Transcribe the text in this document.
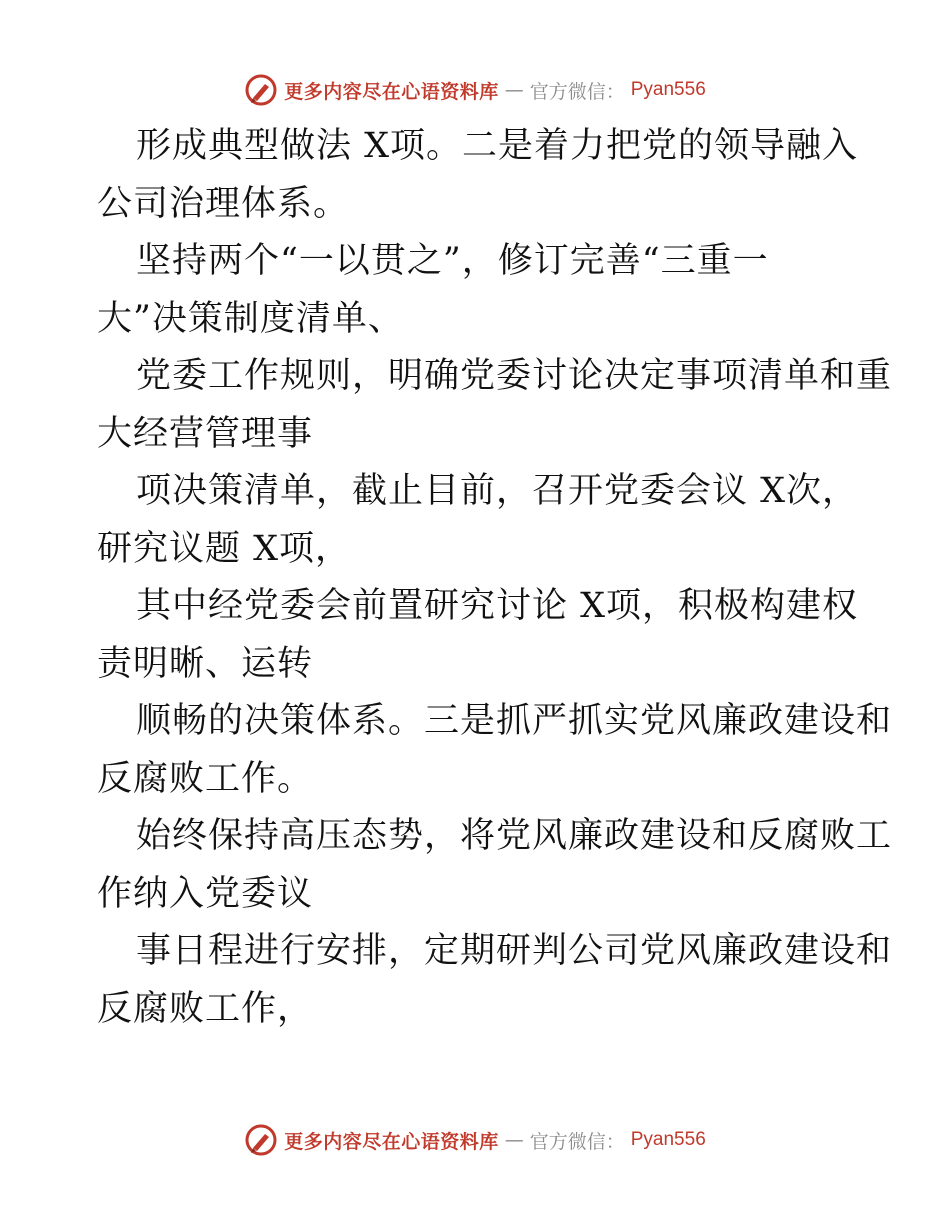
更多内容尽在心语资料库 — 官方微信： Pyan556
形成典型做法 X项。二是着力把党的领导融入
公司治理体系。
坚持两个“一以贯之”，修订完善“三重一
大”决策制度清单、
党委工作规则，明确党委讨论决定事项清单和重
大经营管理事
项决策清单，截止目前，召开党委会议 X次，
研究议题 X项，
其中经党委会前置研究讨论 X项，积极构建权
责明晰、运转
顺畅的决策体系。三是抓严抓实党风廉政建设和
反腐败工作。
始终保持高压态势，将党风廉政建设和反腐败工
作纳入党委议
事日程进行安排，定期研判公司党风廉政建设和
反腐败工作，
更多内容尽在心语资料库 — 官方微信： Pyan556
